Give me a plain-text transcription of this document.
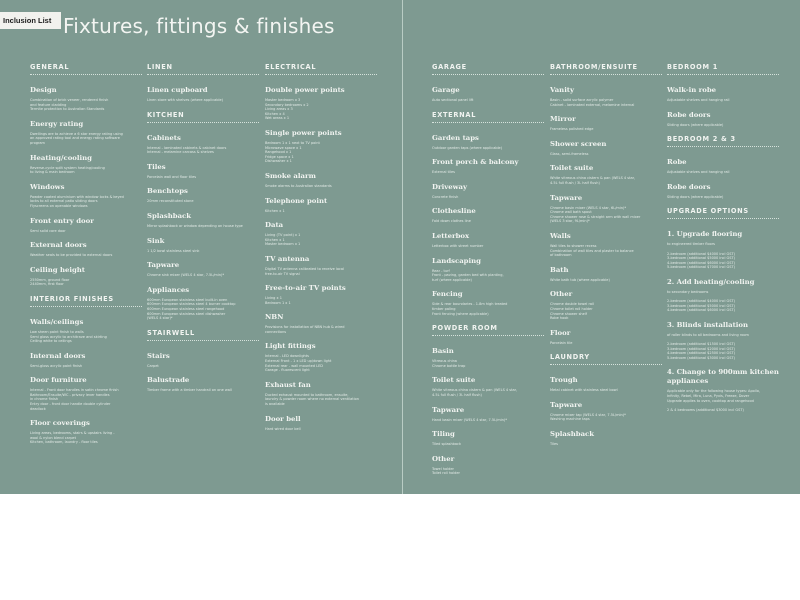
Inclusion List Fixtures, fittings & finishes
GENERAL
Design
Combination of brick veneer, rendered finish
and feature cladding
Termite protection to Australian Standards
Energy rating
Dwellings are to achieve a 6 star energy rating using
an approved rating tool and energy rating software
program
Heating/cooling
Reverse-cycle split system heating/cooling
to living & main bedroom
Windows
Powder coated aluminium with window locks & keyed
locks to all external patio sliding doors
Flyscreens on openable windows
Front entry door
Semi solid core door
External doors
Weather seals to be provided to external doors
Ceiling height
2550mm, ground floor
2440mm, first floor
INTERIOR FINISHES
Walls/ceilings
Low sheen paint finish to walls
Semi gloss acrylic to architrave and skirting
Ceiling white to ceilings
Internal doors
Semi-gloss acrylic paint finish
Door furniture
Internal - Front door handles in satin chrome finish
Bathroom/Ensuite/WC - privacy lever handles
in chrome finish
Entry door - front door handle double cylinder
deadlock
Floor coverings
Living areas, bedrooms, stairs & upstairs living -
wool & nylon blend carpet
Kitchen, bathroom, laundry - floor tiles
LINEN
Linen cupboard
Linen store with shelves (where applicable)
KITCHEN
Cabinets
Internal - laminated cabinets & cabinet doors
Internal - melamine carcass & shelves
Tiles
Porcelain wall and floor tiles
Benchtops
20mm reconstituted stone
Splashback
Mirror splashback or window depending on house type
Sink
1 1/2 bowl stainless steel sink
Tapware
Chrome sink mixer (WELS 4 star, 7.5L/min)*
Appliances
600mm European stainless steel built-in oven
600mm European stainless steel 4 burner cooktop
600mm European stainless steel rangehood
600mm European stainless steel dishwasher
(WELS 4 star)*
STAIRWELL
Stairs
Carpet
Balustrade
Timber frame with a timber handrail on one wall
ELECTRICAL
Double power points
Master bedroom x 3
Secondary bedrooms x 2
Living areas x 3
Kitchen x 4
Wet areas x 1
Single power points
Bedroom 1 x 1 next to TV point
Microwave space x 1
Rangehood x 1
Fridge space x 1
Dishwasher x 1
Smoke alarm
Smoke alarms to Australian standards
Telephone point
Kitchen x 1
Data
Living (TV point) x 1
Kitchen x 1
Master bedroom x 1
TV antenna
Digital TV antenna calibrated to receive local
free-to-air TV signal
Free-to-air TV points
Living x 1
Bedroom 1 x 1
NBN
Provisions for installation of NBN hub & wired
connections
Light fittings
Internal - LED downlights
External Front - 1 x LED up/down light
External rear - wall mounted LED
Garage - fluorescent light
Exhaust fan
Ducted exhaust mounted to bathroom, ensuite,
laundry & powder room where no external ventilation
is available
Door bell
Hard wired door bell
GARAGE
Garage
Auto sectional panel lift
EXTERNAL
Garden taps
Outdoor garden taps (where applicable)
Front porch & balcony
External tiles
Driveway
Concrete finish
Clothesline
Fold down clothes line
Letterbox
Letterbox with street number
Landscaping
Rear - turf
Front - paving, garden bed with planting,
turf (where applicable)
Fencing
Side & rear boundaries - 1.8m high treated
timber paling
Front fencing (where applicable)
POWDER ROOM
Basin
Vitreous china
Chrome bottle trap
Toilet suite
White vitreous china cistern & pan (WELS 4 star,
4.5L full flush / 3L half flush)
Tapware
Hand basin mixer (WELS 4 star, 7.5L/min)*
Tiling
Tiled splashback
Other
Towel holder
Toilet roll holder
BATHROOM/ENSUITE
Vanity
Basin - solid surface acrylic polymer
Cabinet - laminated external, melamine internal
Mirror
Frameless polished edge
Shower screen
Glass, semi-frameless
Toilet suite
White vitreous china cistern & pan (WELS 4 star,
4.5L full flush / 3L half flush)
Tapware
Chrome basin mixer (WELS 4 star, 6L/min)*
Chrome wall bath spout
Chrome shower rose & straight arm with wall mixer
(WELS 3 star, 9L/min)*
Walls
Wall tiles to shower recess
Combination of wall tiles and plaster to balance
of bathroom
Bath
White bath tub (where applicable)
Other
Chrome double towel rail
Chrome toilet roll holder
Chrome shower shelf
Robe hook
Floor
Porcelain tile
LAUNDRY
Trough
Metal cabinet with stainless steel bowl
Tapware
Chrome mixer tap (WELS 4 star, 7.5L/min)*
Washing machine taps
Splashback
Tiles
BEDROOM 1
Walk-in robe
Adjustable shelves and hanging rail
Robe doors
Sliding doors (where applicable)
BEDROOM 2 & 3
Robe
Adjustable shelves and hanging rail
Robe doors
Sliding doors (where applicable)
UPGRADE OPTIONS
1. Upgrade flooring
to engineered timber floors

2-bedroom (additional $4000 incl GST)
3-bedroom (additional $5000 incl GST)
4-bedroom (additional $6000 incl GST)
5-bedroom (additional $7000 incl GST)
2. Add heating/cooling
to secondary bedrooms

2-bedroom (additional $4000 incl GST)
3-bedroom (additional $5000 incl GST)
4-bedroom (additional $6000 incl GST)
3. Blinds installation
of roller blinds to all bedrooms and living room

2-bedroom (additional $1500 incl GST)
3-bedroom (additional $2000 incl GST)
4-bedroom (additional $2500 incl GST)
5-bedroom (additional $3000 incl GST)
4. Change to 900mm kitchen appliances
Applicable only for the following house types: Apollo,
Infinity, Rebel, Mira, Luna, Pyxis, Freeze, Dover
Upgrade applies to oven, cooktop and rangehood

2 & 4 bedrooms (additional $3000 incl GST)
